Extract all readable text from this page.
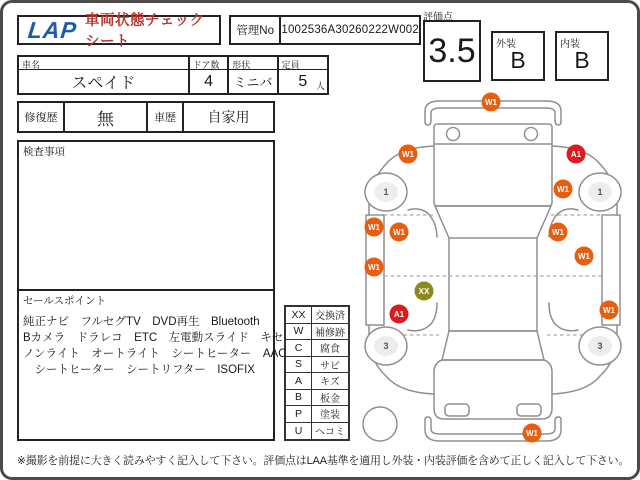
LAP 車両状態チェックシート
管理No 1002536A30260222W002
評価点
3.5 外装
B
内装
B
車名
スペイド
ドア数
4
形状
ミニバ
定員
5 人
修復歴	無	車歴	自家用
検査事項
セールスポイント
純正ナビ　フルセグTV　DVD再生　Bluetooth
Bカメラ　ドラレコ　ETC　左電動スライド　キセ
ノンライト　オートライト　シートヒーター　AAC
　シートヒーター　シートリフター　ISOFIX
XX 交換済
W	補修跡
C	腐食
S	サビ
A	キズ
B	板金
P	塗装
U	ヘコミ
1	1
3	3
W1
W1	A1
W1
W1
W1	W1
W1
W1
XX
A1	W1
W1
※撮影を前提に大きく読みやすく記入して下さい。評価点はLAA基準を適用し外装・内装評価を含めて正しく記入して下さい。
